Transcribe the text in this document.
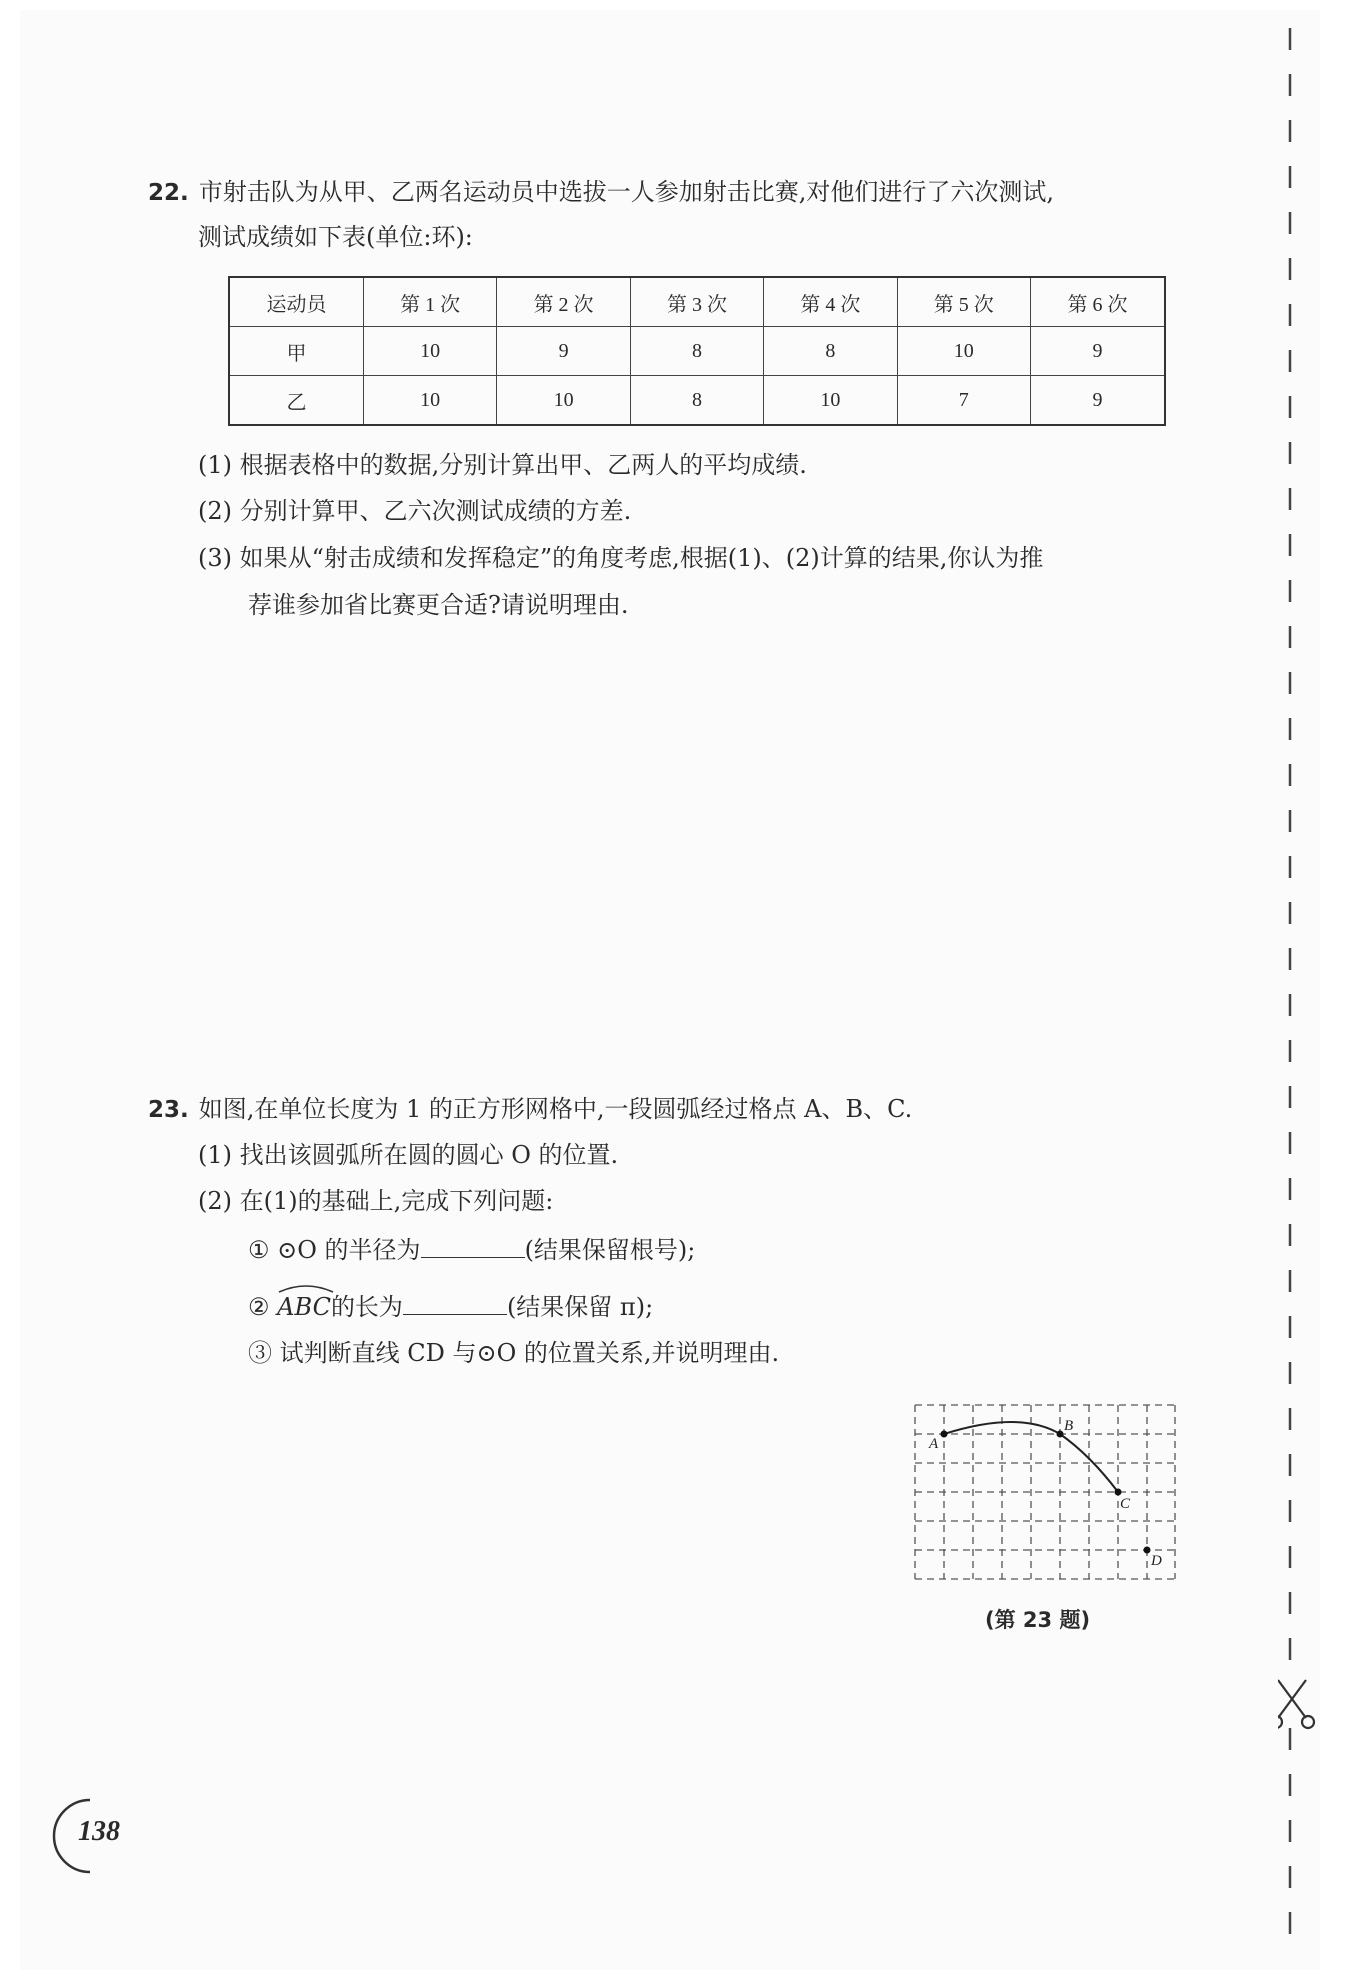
22. 市射击队为从甲、乙两名运动员中选拔一人参加射击比赛,对他们进行了六次测试,
测试成绩如下表(单位:环):
运动员	第 1 次	第 2 次	第 3 次	第 4 次	第 5 次	第 6 次
甲	10	9	8	8	10	9
乙	10	10	8	10	7	9
(1) 根据表格中的数据,分别计算出甲、乙两人的平均成绩.
(2) 分别计算甲、乙六次测试成绩的方差.
(3) 如果从“射击成绩和发挥稳定”的角度考虑,根据(1)、(2)计算的结果,你认为推
荐谁参加省比赛更合适?请说明理由.
23. 如图,在单位长度为 1 的正方形网格中,一段圆弧经过格点 A、B、C.
(1) 找出该圆弧所在圆的圆心 O 的位置.
(2) 在(1)的基础上,完成下列问题:
① ⊙O 的半径为	(结果保留根号);
② ABC的长为	(结果保留 π);
③ 试判断直线 CD 与⊙O 的位置关系,并说明理由.
A
B
C
D
(第 23 题)
138
